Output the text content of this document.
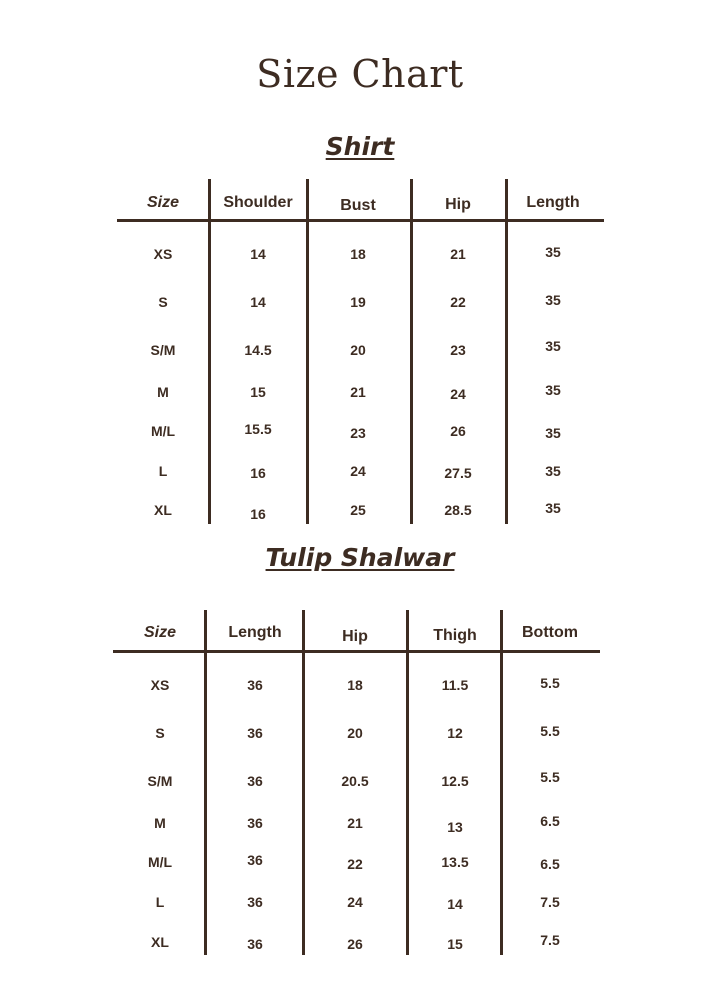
Size Chart
Shirt
Tulip Shalwar
Size	Shoulder	Bust	Hip	Length
XS	14	18	21	35
S	14	19	22	35
S/M	14.5	20	23	35
M	15	21	24	35
M/L	15.5	23	26	35
L	16	24	27.5	35
XL	16	25	28.5	35
Size	Length	Hip	Thigh	Bottom
XS	36	18	11.5	5.5
S	36	20	12	5.5
S/M	36	20.5	12.5	5.5
M	36	21	13	6.5
M/L	36	22	13.5	6.5
L	36	24	14	7.5
XL	36	26	15	7.5
